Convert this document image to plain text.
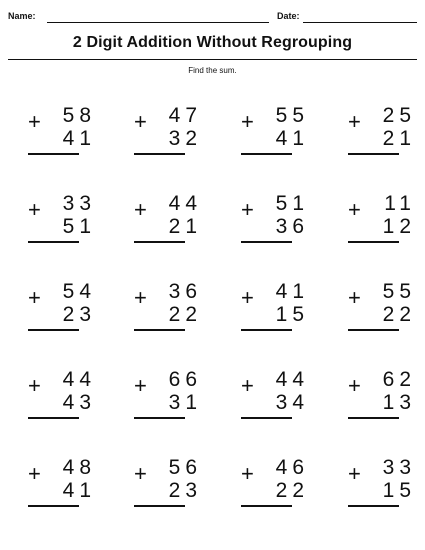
Name:	Date:
2 Digit Addition Without Regrouping
Find the sum.
+	58
41
+	47
32
+	55
41
+	25
21
+	33
51
+	44
21
+	51
36
+	11
12
+	54
23
+	36
22
+	41
15
+	55
22
+	44
43
+	66
31
+	44
34
+	62
13
+	48
41
+	56
23
+	46
22
+	33
15
